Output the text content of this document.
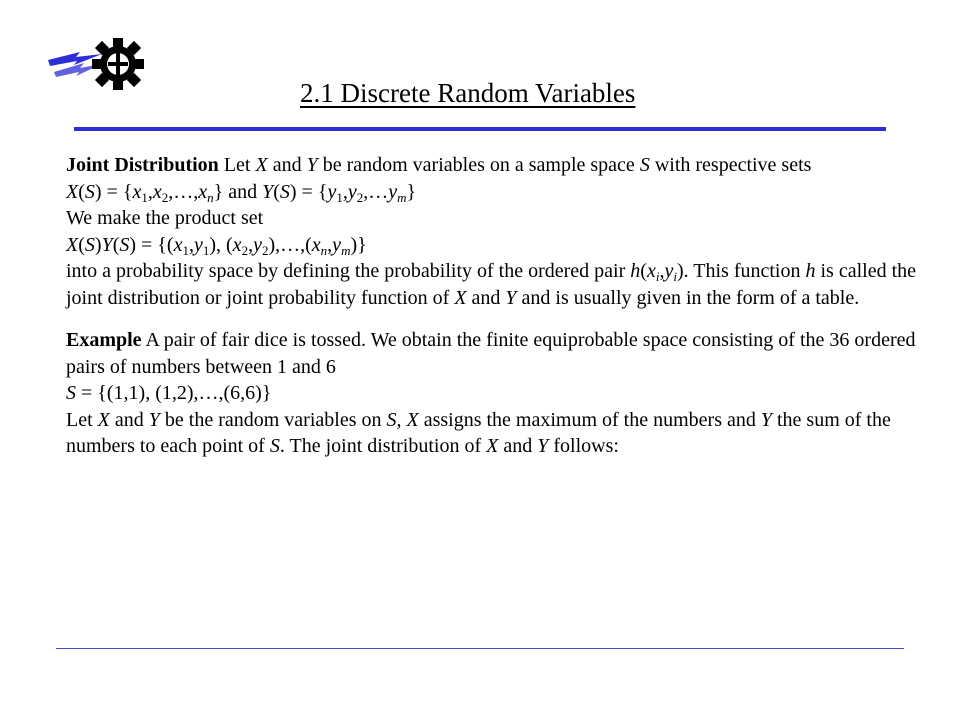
2.1 Discrete Random Variables

Joint Distribution Let X and Y be random variables on a sample space S with respective sets

$X(S) = \{x_1,x_2,\dots,x_n\}$ and $Y(S) = \{y_1,y_2,\dots y_m\}$

We make the product set

$X(S)Y(S) = \{(x_1,y_1)$, $(x_2,y_2),\dots,(x_n,y_m)$}

into a probability space by defining the probability of the ordered pair $h(x_i,y_i)$. This function h is called the joint distribution or joint probability function of X and Y and is usually given in the form of a table.

Example A pair of fair dice is tossed. We obtain the finite equiprobable space consisting of the 36 ordered pairs of numbers between 1 and 6

S = {(1,1), (1,2),…,(6,6)}

Let X and Y be the random variables on S, X assigns the maximum of the numbers and Y the sum of the numbers to each point of S. The joint distribution of X and Y follows:
